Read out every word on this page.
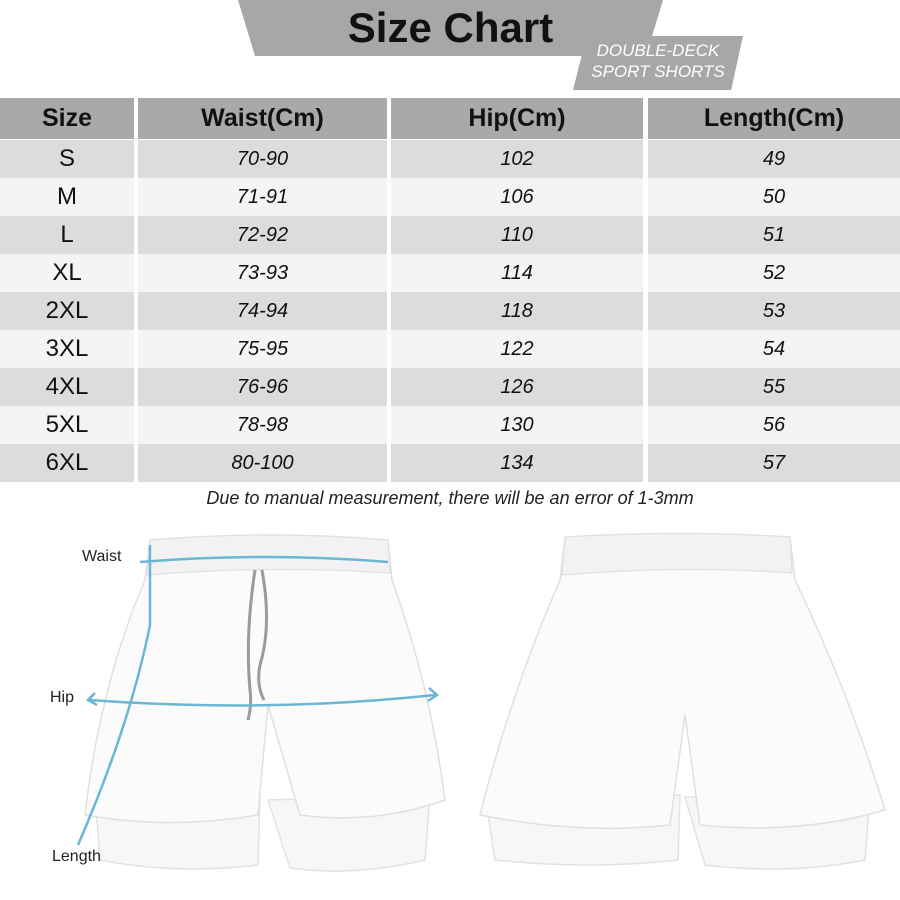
Size Chart	DOUBLE-DECK
SPORT SHORTS
Size	Waist(Cm)	Hip(Cm)	Length(Cm)
S	70-90	102	49
M	71-91	106	50
L	72-92	110	51
XL	73-93	114	52
2XL	74-94	118	53
3XL	75-95	122	54
4XL	76-96	126	55
5XL	78-98	130	56
6XL	80-100	134	57
Due to manual measurement, there will be an error of 1-3mm
Waist
Hip
Length
